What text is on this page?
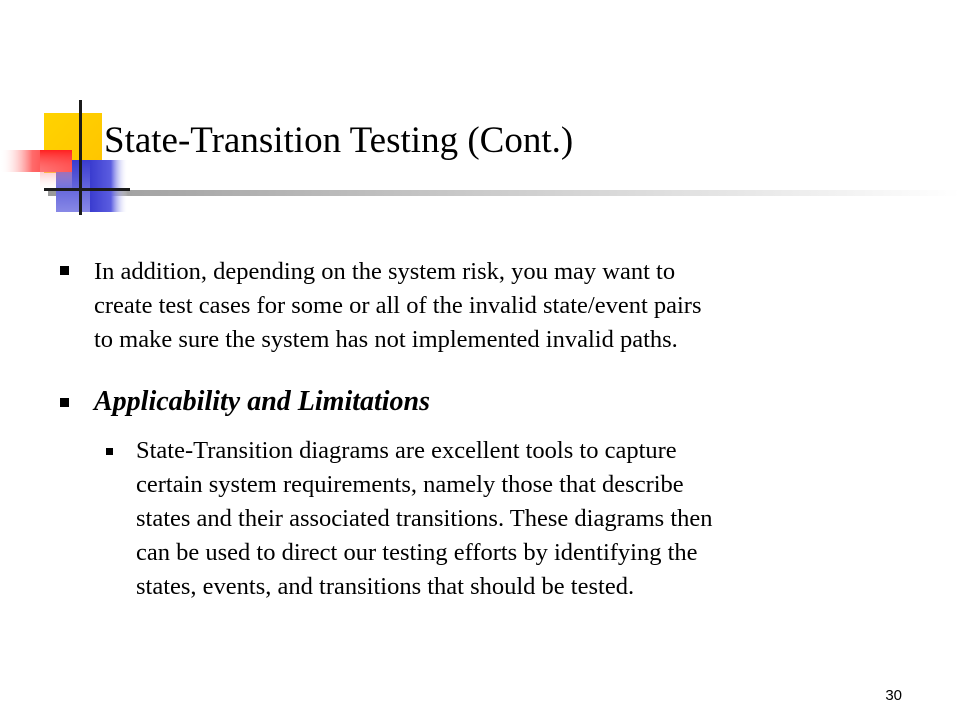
State-Transition Testing (Cont.)
In addition, depending on the system risk, you may want to
create test cases for some or all of the invalid state/event pairs
to make sure the system has not implemented invalid paths.
Applicability and Limitations
State-Transition diagrams are excellent tools to capture
certain system requirements, namely those that describe
states and their associated transitions. These diagrams then
can be used to direct our testing efforts by identifying the
states, events, and transitions that should be tested.
30
